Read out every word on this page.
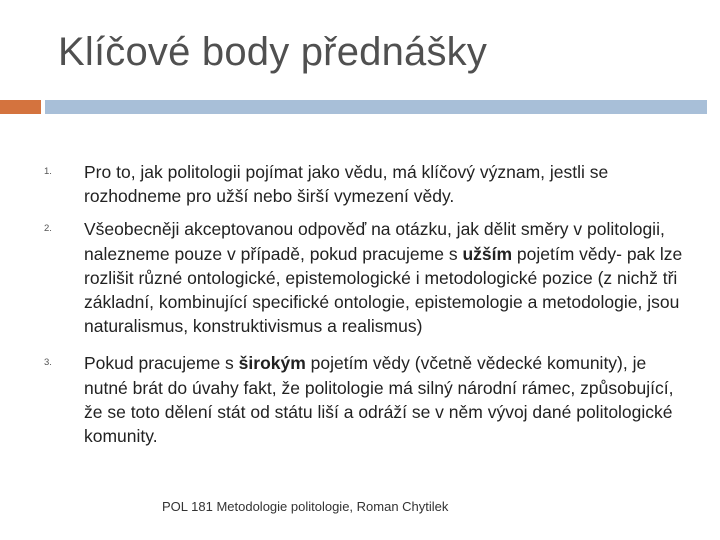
Klíčové body přednášky
1. Pro to, jak politologii pojímat jako vědu, má klíčový význam, jestli se rozhodneme pro užší nebo širší vymezení vědy.
2. Všeobecněji akceptovanou odpověď na otázku, jak dělit směry v politologii, nalezneme pouze v případě, pokud pracujeme s užším pojetím vědy- pak lze rozlišit různé ontologické, epistemologické i metodologické pozice (z nichž tři základní, kombinující specifické ontologie, epistemologie a metodologie, jsou naturalismus, konstruktivismus a realismus)
3. Pokud pracujeme s širokým pojetím vědy (včetně vědecké komunity), je nutné brát do úvahy fakt, že politologie má silný národní rámec, způsobující, že se toto dělení stát od státu liší a odráží se v něm vývoj dané politologické komunity.
POL 181 Metodologie politologie, Roman Chytilek
